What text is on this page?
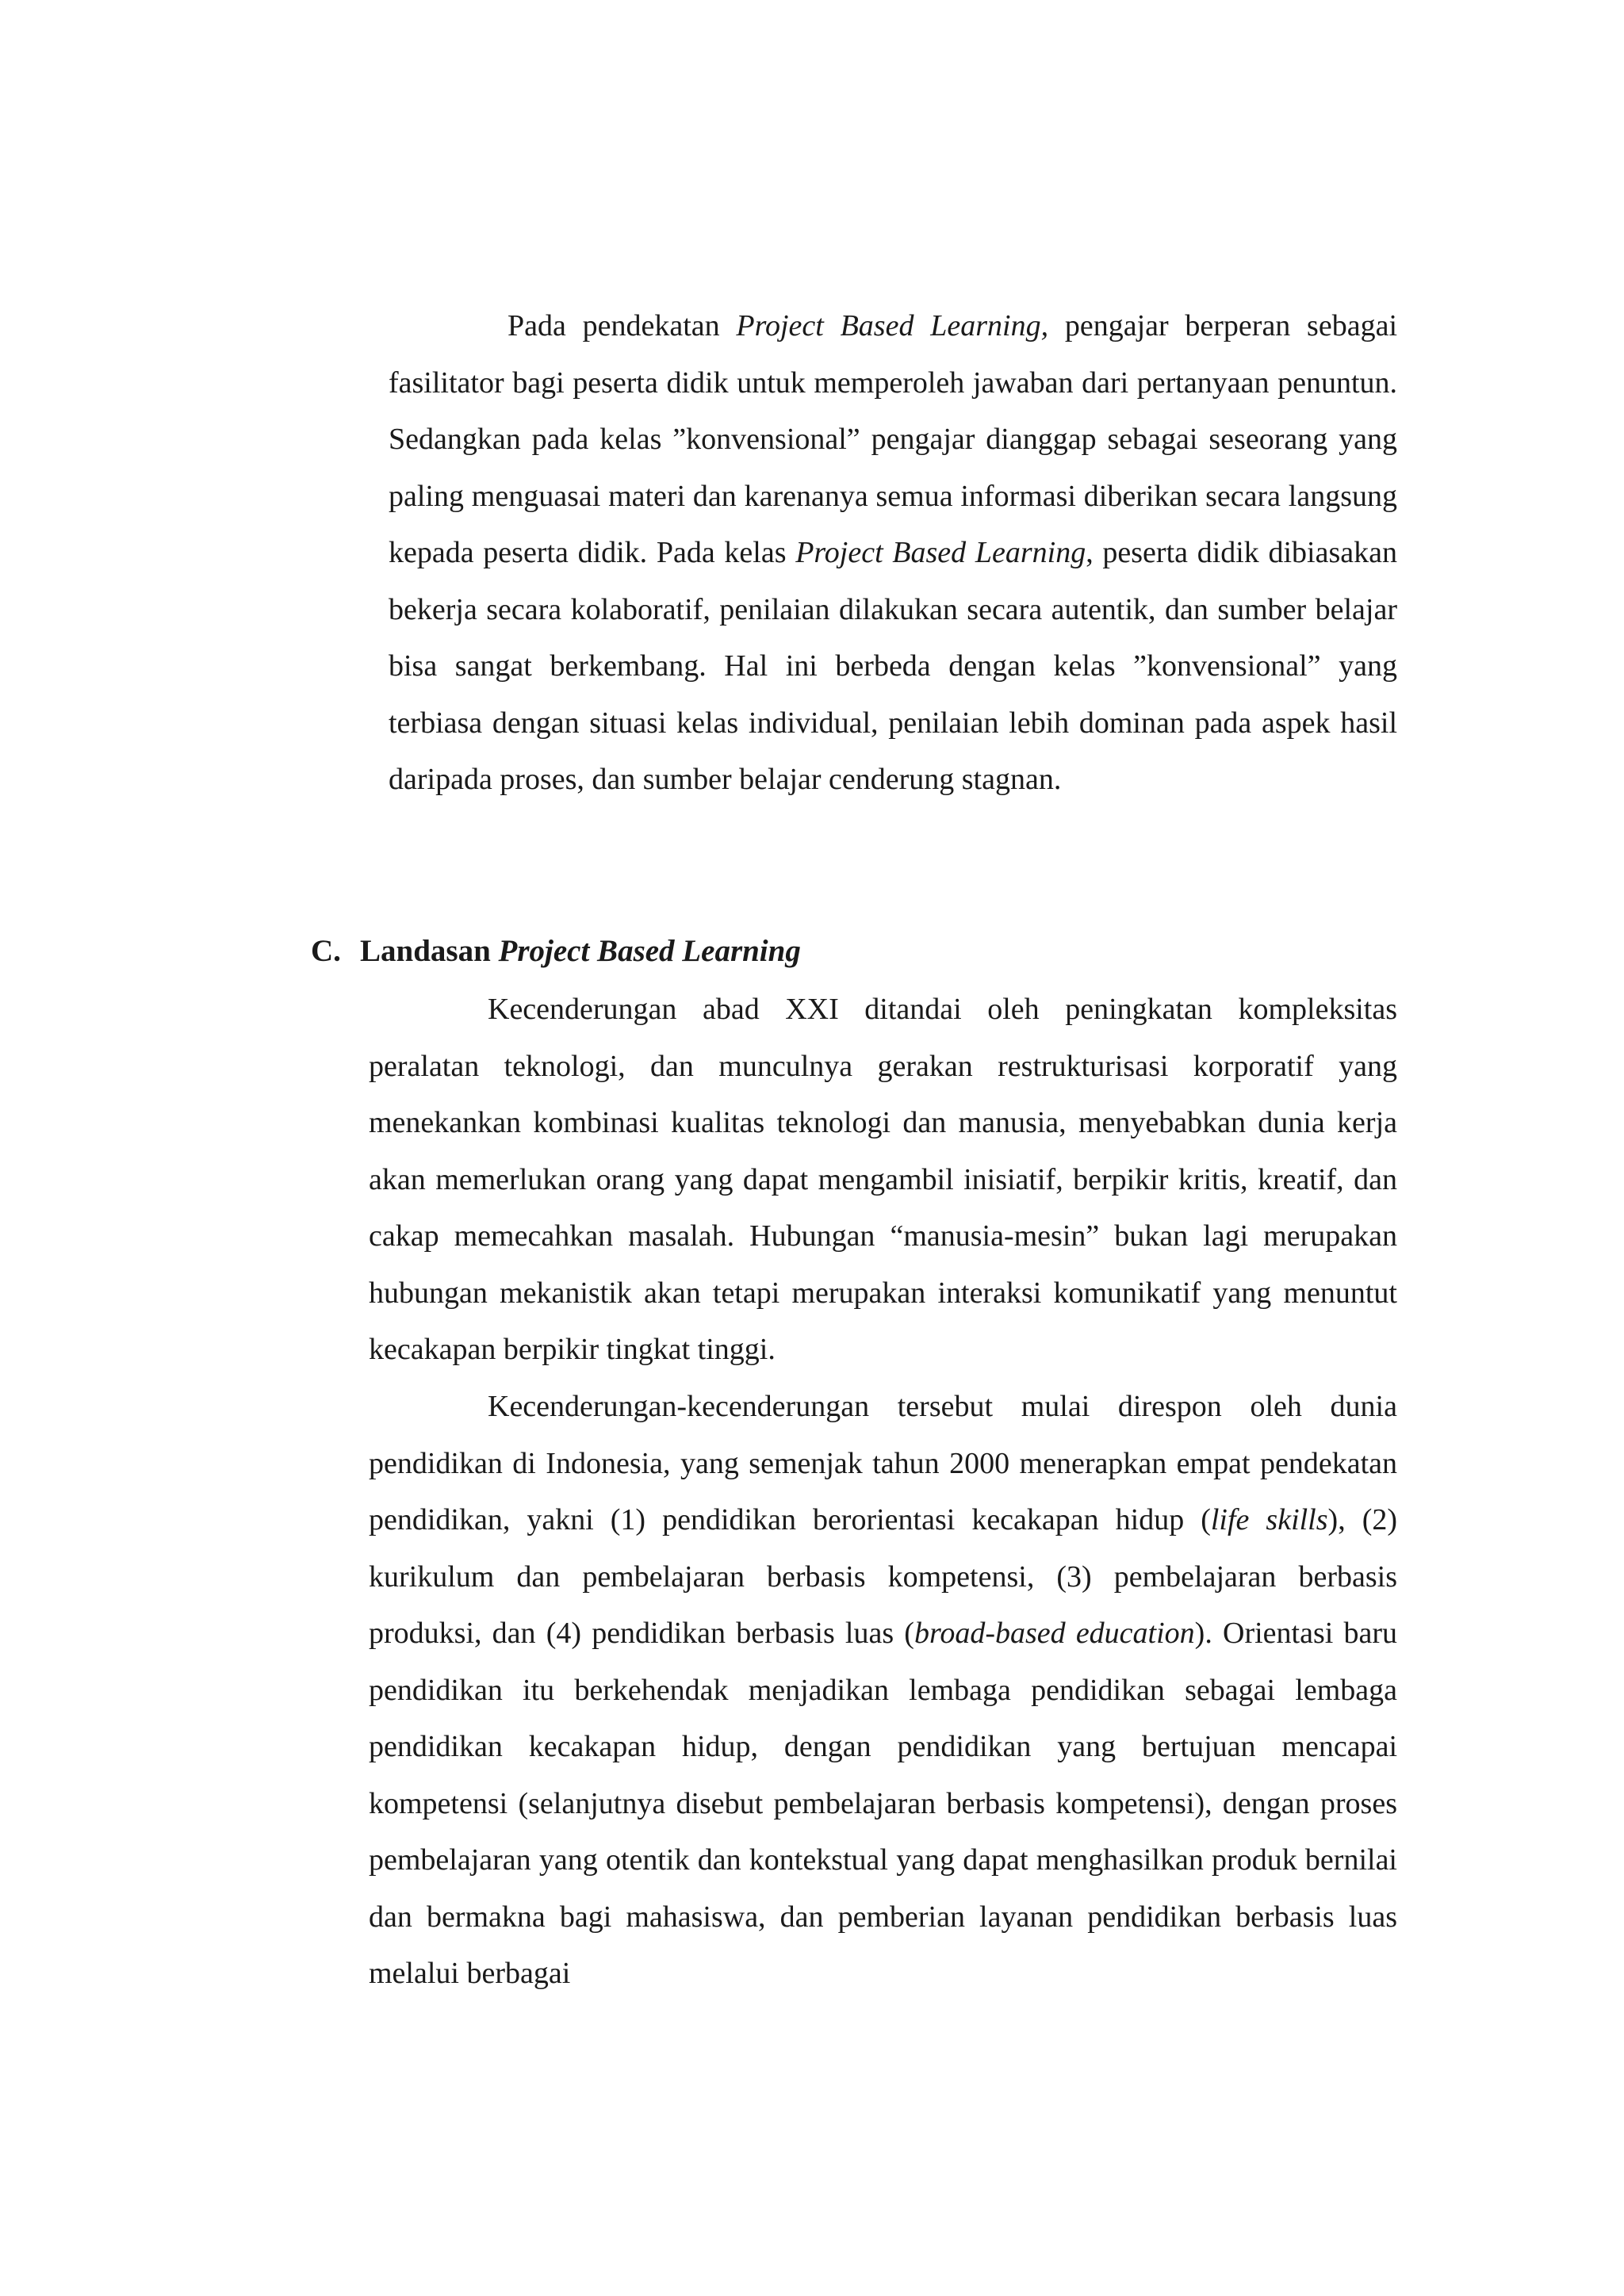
Pada pendekatan Project Based Learning, pengajar berperan sebagai fasilitator bagi peserta didik untuk memperoleh jawaban dari pertanyaan penuntun. Sedangkan pada kelas ”konvensional” pengajar dianggap sebagai seseorang yang paling menguasai materi dan karenanya semua informasi diberikan secara langsung kepada peserta didik. Pada kelas Project Based Learning, peserta didik dibiasakan bekerja secara kolaboratif, penilaian dilakukan secara autentik, dan sumber belajar bisa sangat berkembang. Hal ini berbeda dengan kelas ”konvensional” yang terbiasa dengan situasi kelas individual, penilaian lebih dominan pada aspek hasil daripada proses, dan sumber belajar cenderung stagnan.

C. Landasan Project Based Learning

Kecenderungan abad XXI ditandai oleh peningkatan kompleksitas peralatan teknologi, dan munculnya gerakan restrukturisasi korporatif yang menekankan kombinasi kualitas teknologi dan manusia, menyebabkan dunia kerja akan memerlukan orang yang dapat mengambil inisiatif, berpikir kritis, kreatif, dan cakap memecahkan masalah. Hubungan “manusia-mesin” bukan lagi merupakan hubungan mekanistik akan tetapi merupakan interaksi komunikatif yang menuntut kecakapan berpikir tingkat tinggi.

Kecenderungan-kecenderungan tersebut mulai direspon oleh dunia pendidikan di Indonesia, yang semenjak tahun 2000 menerapkan empat pendekatan pendidikan, yakni (1) pendidikan berorientasi kecakapan hidup (life skills), (2) kurikulum dan pembelajaran berbasis kompetensi, (3) pembelajaran berbasis produksi, dan (4) pendidikan berbasis luas (broad-based education). Orientasi baru pendidikan itu berkehendak menjadikan lembaga pendidikan sebagai lembaga pendidikan kecakapan hidup, dengan pendidikan yang bertujuan mencapai kompetensi (selanjutnya disebut pembelajaran berbasis kompetensi), dengan proses pembelajaran yang otentik dan kontekstual yang dapat menghasilkan produk bernilai dan bermakna bagi mahasiswa, dan pemberian layanan pendidikan berbasis luas melalui berbagai
